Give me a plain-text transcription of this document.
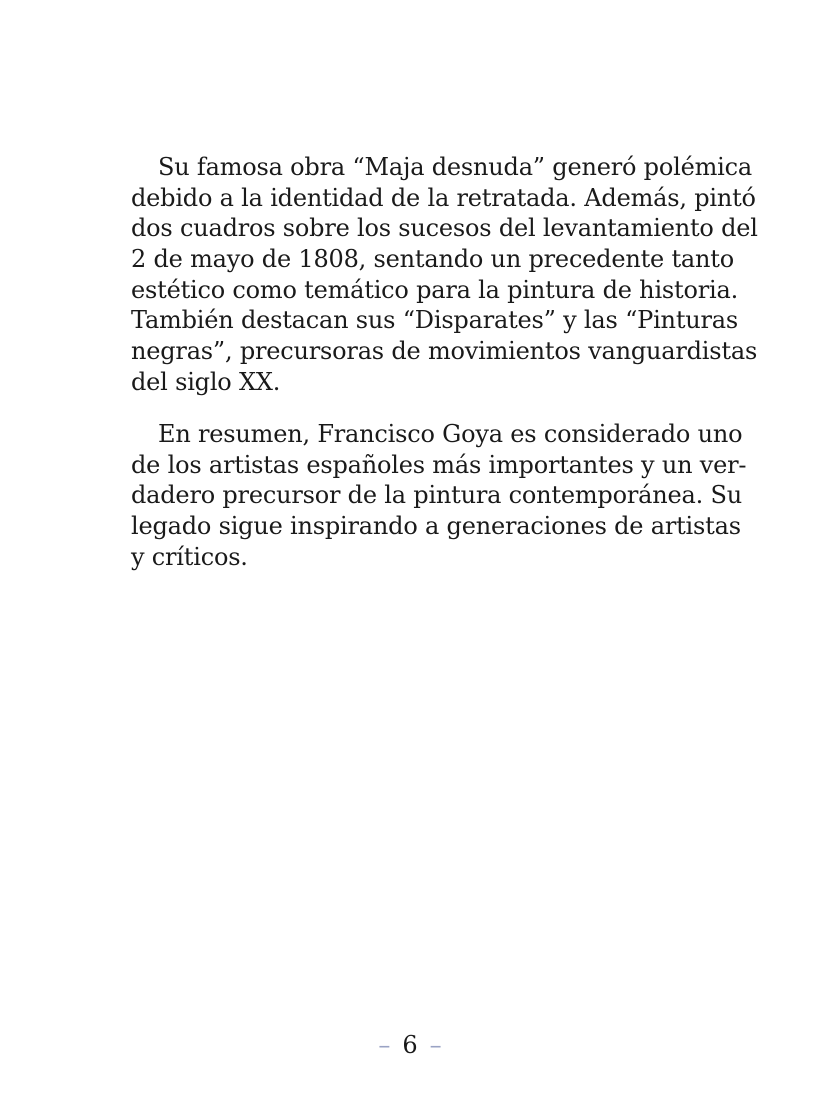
Su famosa obra “Maja desnuda” generó polémica
debido a la identidad de la retratada. Además, pintó
dos cuadros sobre los sucesos del levantamiento del
2 de mayo de 1808, sentando un precedente tanto
estético como temático para la pintura de historia.
También destacan sus “Disparates” y las “Pinturas
negras”, precursoras de movimientos vanguardistas
del siglo XX.
En resumen, Francisco Goya es considerado uno
de los artistas españoles más importantes y un ver-
dadero precursor de la pintura contemporánea. Su
legado sigue inspirando a generaciones de artistas
y críticos.
– 6 –
